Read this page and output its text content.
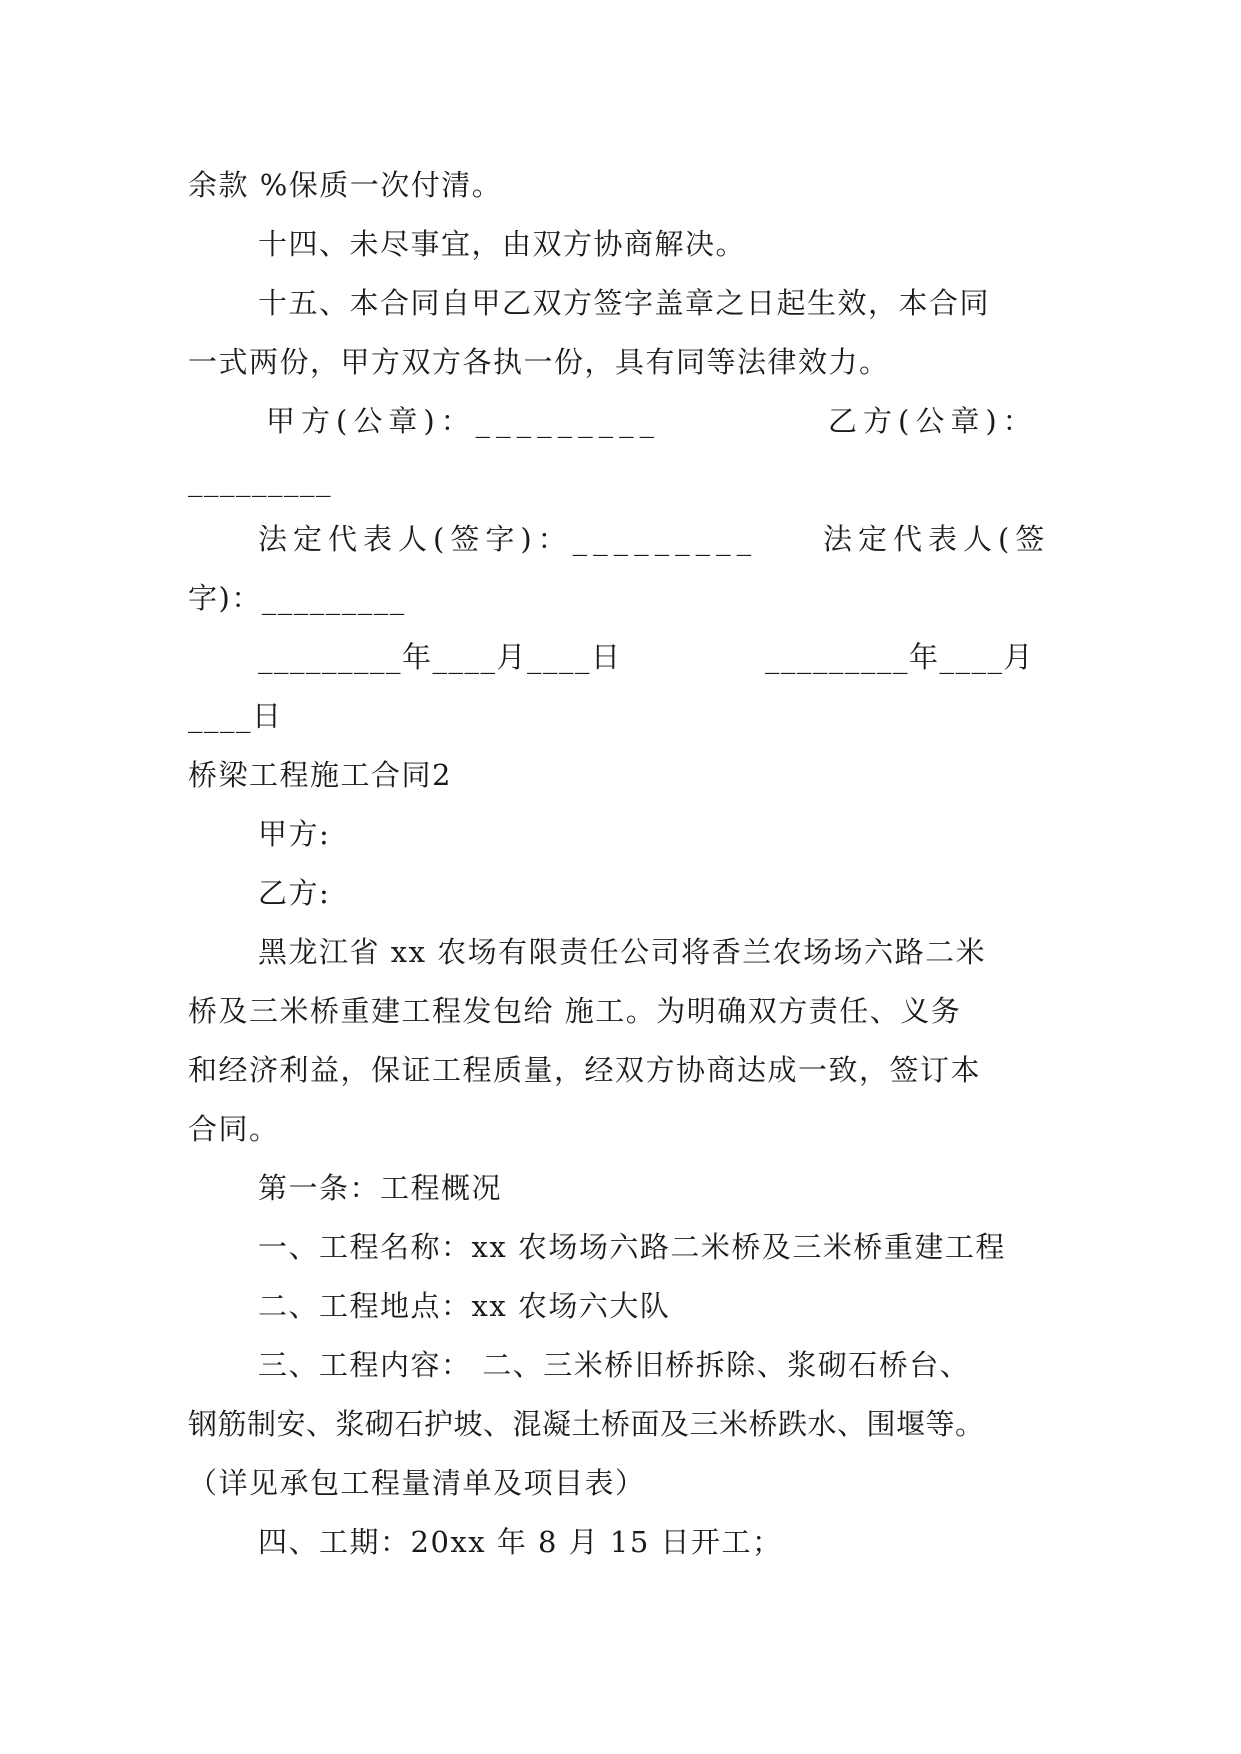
余款 %保质一次付清。
十四、未尽事宜，由双方协商解决。
十五、本合同自甲乙双方签字盖章之日起生效，本合同
一式两份，甲方双方各执一份，具有同等法律效力。
甲方(公章)：_________	乙方(公章)：
_________
法定代表人(签字)：_________ 法定代表人(签
字)：_________
_________年____月____日	_________年____月
____日
桥梁工程施工合同2
甲方:
乙方:
黑龙江省 xx 农场有限责任公司将香兰农场场六路二米
桥及三米桥重建工程发包给 施工。为明确双方责任、义务
和经济利益，保证工程质量，经双方协商达成一致，签订本
合同。
第一条：工程概况
一、工程名称：xx 农场场六路二米桥及三米桥重建工程
二、工程地点：xx 农场六大队
三、工程内容： 二、三米桥旧桥拆除、浆砌石桥台、
钢筋制安、浆砌石护坡、混凝土桥面及三米桥跌水、围堰等。
（详见承包工程量清单及项目表）
四、工期：20xx 年 8 月 15 日开工；
